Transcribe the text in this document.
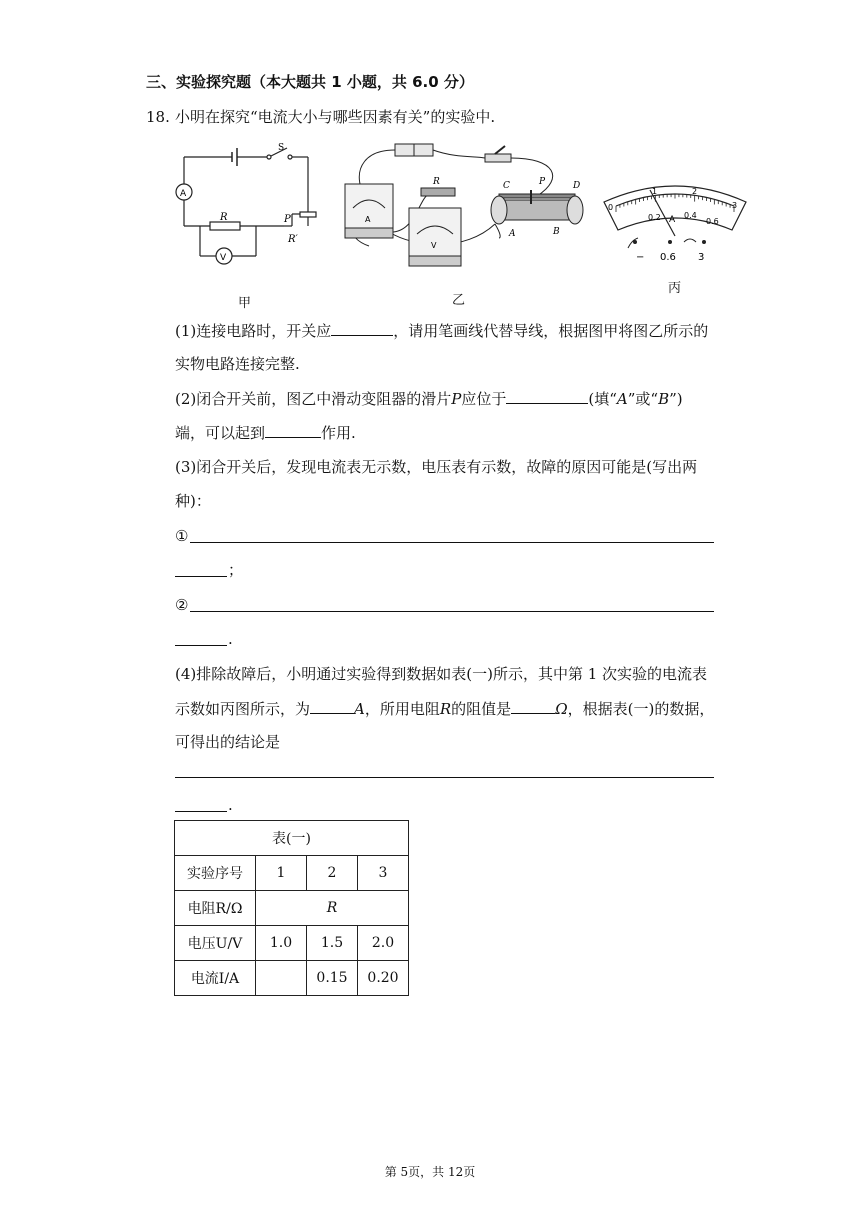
三、实验探究题（本大题共 1 小题，共 6.0 分）
18. 小明在探究“电流大小与哪些因素有关”的实验中.
S
A
R	P
R′
V
甲
A
V
R	C	P	D
A	B
乙
0
1	2
3
0.2	0.4
0.6
A
− 0.6 3
丙
(1)连接电路时，开关应	，请用笔画线代替导线，根据图甲将图乙所示的
实物电路连接完整.
(2)闭合开关前，图乙中滑动变阻器的滑片P应位于	(填“A”或“B”)
端，可以起到	作用.
(3)闭合开关后，发现电流表无示数，电压表有示数，故障的原因可能是(写出两
种)：
①
；
②
.
(4)排除故障后，小明通过实验得到数据如表(一)所示，其中第 1 次实验的电流表
示数如丙图所示，为	A，所用电阻R的阻值是	Ω，根据表(一)的数据，
可得出的结论是
.
表(一)			
实验序号	1	2	3
电阻R/Ω	R		
电压U/V	1.0	1.5	2.0
电流I/A		0.15	0.20
第 5页，共 12页
